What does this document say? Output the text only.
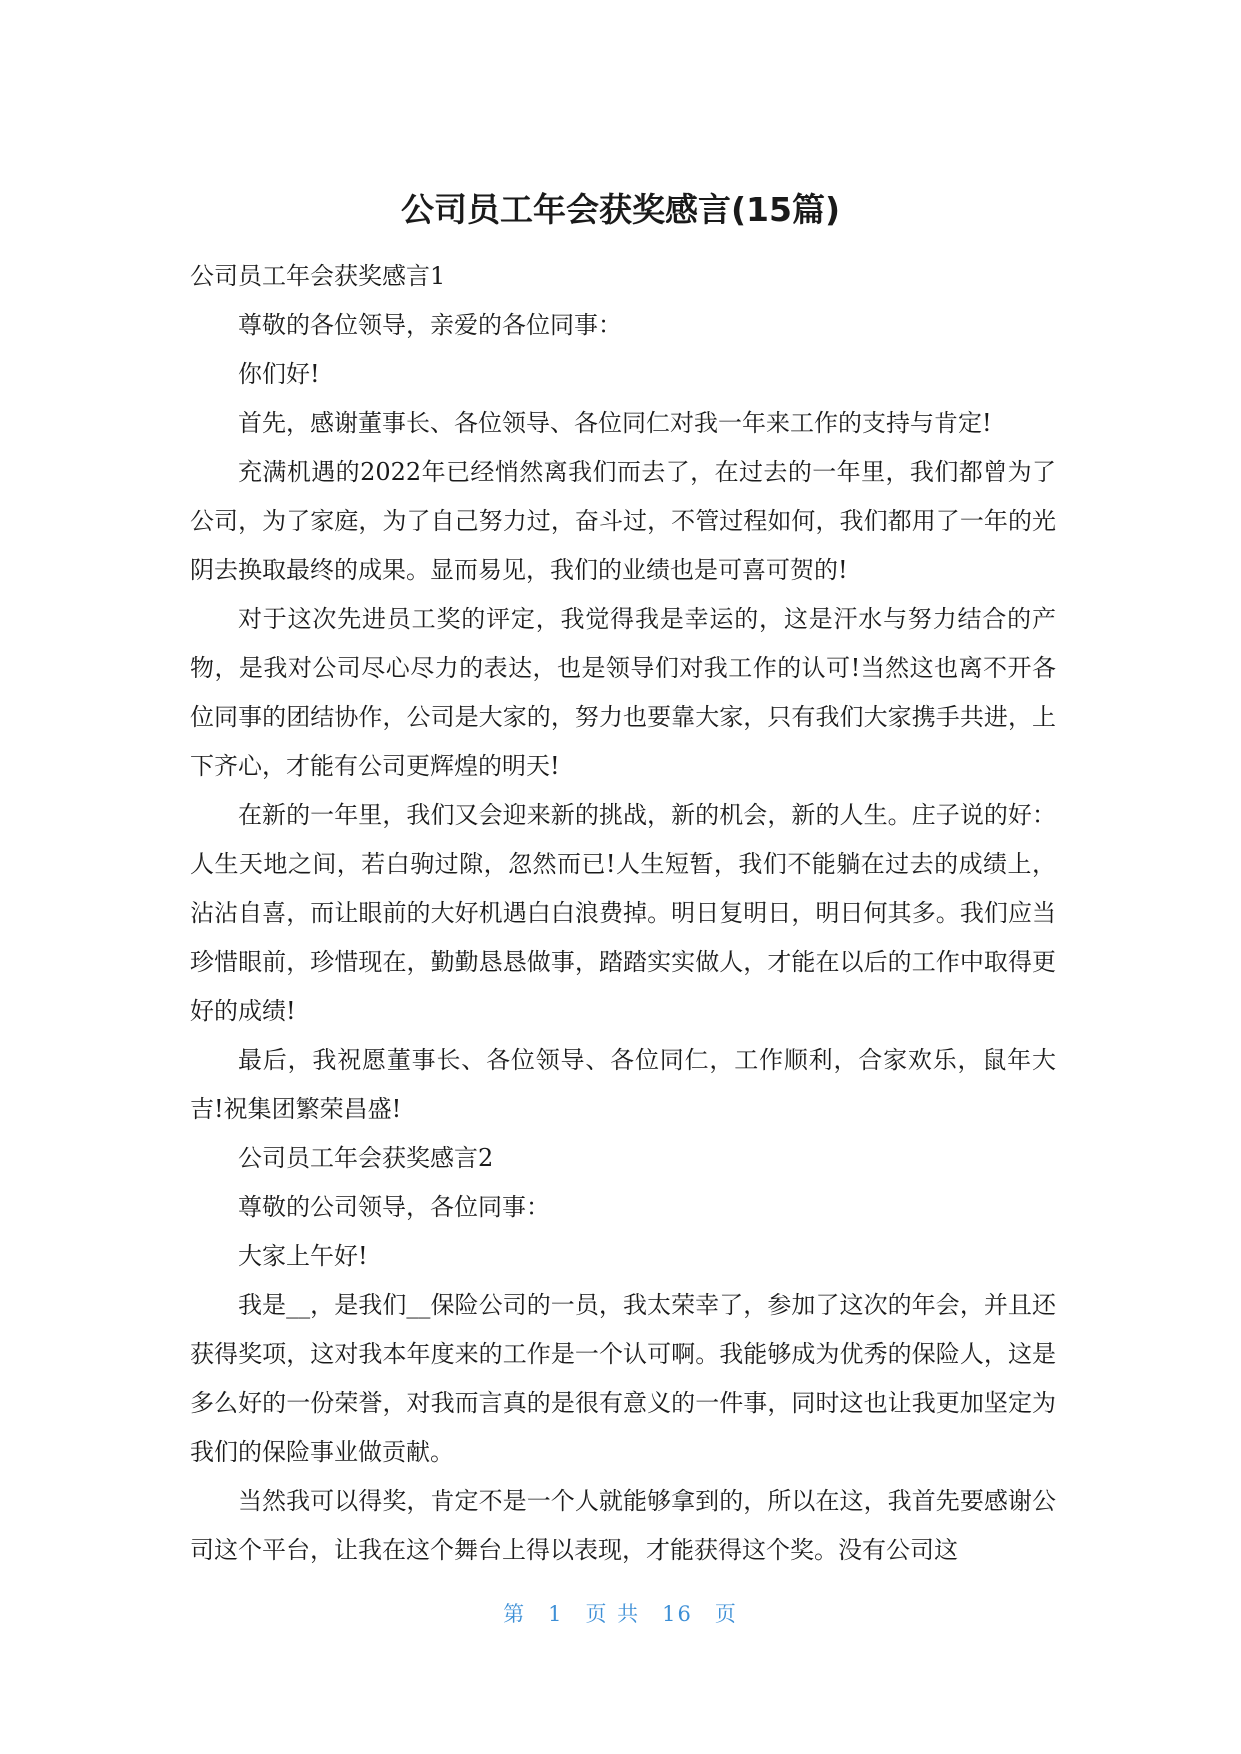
公司员工年会获奖感言(15篇)

公司员工年会获奖感言1

尊敬的各位领导，亲爱的各位同事：

你们好!

首先，感谢董事长、各位领导、各位同仁对我一年来工作的支持与肯定!

充满机遇的2022年已经悄然离我们而去了，在过去的一年里，我们都曾为了公司，为了家庭，为了自己努力过，奋斗过，不管过程如何，我们都用了一年的光阴去换取最终的成果。显而易见，我们的业绩也是可喜可贺的!

对于这次先进员工奖的评定，我觉得我是幸运的，这是汗水与努力结合的产物，是我对公司尽心尽力的表达，也是领导们对我工作的认可!当然这也离不开各位同事的团结协作，公司是大家的，努力也要靠大家，只有我们大家携手共进，上下齐心，才能有公司更辉煌的明天!

在新的一年里，我们又会迎来新的挑战，新的机会，新的人生。庄子说的好：人生天地之间，若白驹过隙，忽然而已!人生短暂，我们不能躺在过去的成绩上，沾沾自喜，而让眼前的大好机遇白白浪费掉。明日复明日，明日何其多。我们应当珍惜眼前，珍惜现在，勤勤恳恳做事，踏踏实实做人，才能在以后的工作中取得更好的成绩!

最后，我祝愿董事长、各位领导、各位同仁，工作顺利，合家欢乐，鼠年大吉!祝集团繁荣昌盛!

公司员工年会获奖感言2

尊敬的公司领导，各位同事：

大家上午好!

我是__，是我们__保险公司的一员，我太荣幸了，参加了这次的年会，并且还获得奖项，这对我本年度来的工作是一个认可啊。我能够成为优秀的保险人，这是多么好的一份荣誉，对我而言真的是很有意义的一件事，同时这也让我更加坚定为我们的保险事业做贡献。

当然我可以得奖，肯定不是一个人就能够拿到的，所以在这，我首先要感谢公司这个平台，让我在这个舞台上得以表现，才能获得这个奖。没有公司这

第 1 页 共 16 页
